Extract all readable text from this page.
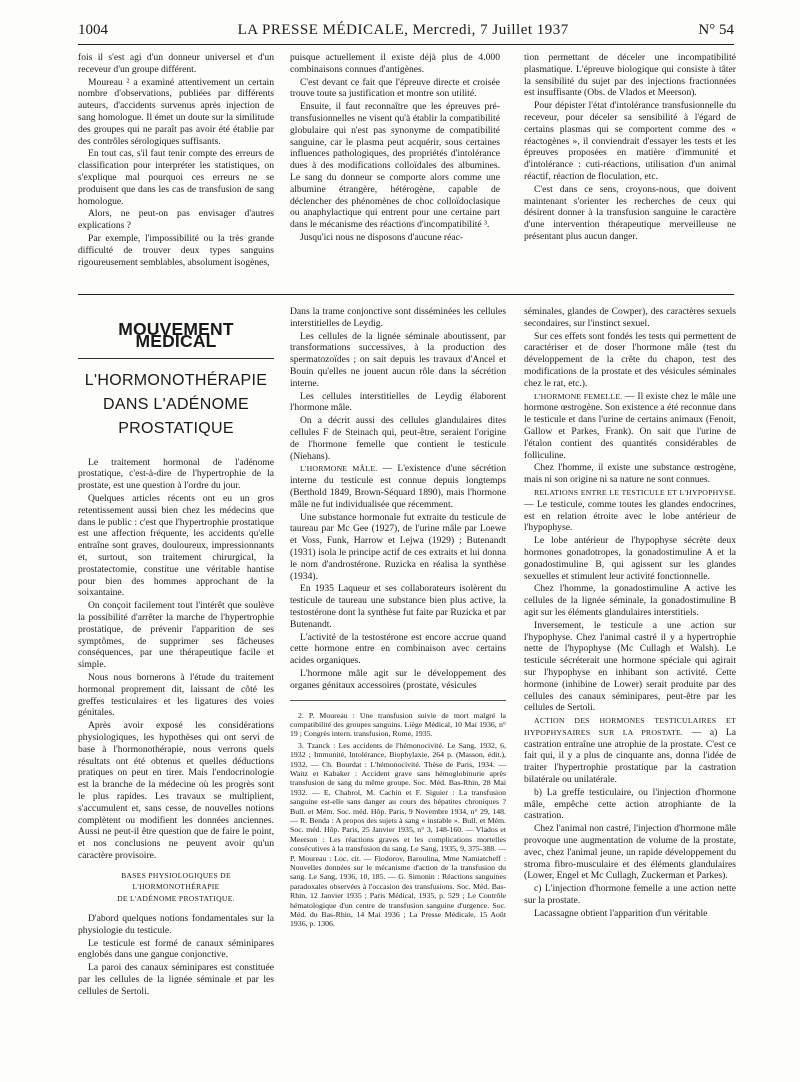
1004	LA PRESSE MÉDICALE, Mercredi, 7 Juillet 1937	N° 54

fois il s'est agi d'un donneur universel et d'un receveur d'un groupe différent.

Moureau ² a examiné attentivement un certain nombre d'observations, publiées par différents auteurs, d'accidents survenus après injection de sang homologue. Il émet un doute sur la similitude des groupes qui ne paraît pas avoir été établie par des contrôles sérologiques suffisants.

En tout cas, s'il faut tenir compte des erreurs de classification pour interpréter les statistiques, on s'explique mal pourquoi ces erreurs ne se produisent que dans les cas de transfusion de sang homologue.

Alors, ne peut-on pas envisager d'autres explications ?

Par exemple, l'impossibilité ou la très grande difficulté de trouver deux types sanguins rigoureusement semblables, absolument isogènes,

puisque actuellement il existe déjà plus de 4.000 combinaisons connues d'antigènes.

C'est devant ce fait que l'épreuve directe et croisée trouve toute sa justification et montre son utilité.

Ensuite, il faut reconnaître que les épreuves pré-transfusionnelles ne visent qu'à établir la compatibilité globulaire qui n'est pas synonyme de compatibilité sanguine, car le plasma peut acquérir, sous certaines influences pathologiques, des propriétés d'intolérance dues à des modifications colloïdales des albumines. Le sang du donneur se comporte alors comme une albumine étrangère, hétérogène, capable de déclencher des phénomènes de choc colloïdoclasique ou anaphylactique qui entrent pour une certaine part dans le mécanisme des réactions d'incompatibilité ³.

Jusqu'ici nous ne disposons d'aucune réac-

tion permettant de déceler une incompatibilité plasmatique. L'épreuve biologique qui consiste à tâter la sensibilité du sujet par des injections fractionnées est insuffisante (Obs. de Vlados et Meerson).

Pour dépister l'état d'intolérance transfusionnelle du receveur, pour déceler sa sensibilité à l'égard de certains plasmas qui se comportent comme des « réactogènes », il conviendrait d'essayer les tests et les épreuves proposées en matière d'immunité et d'intolérance : cuti-réactions, utilisation d'un animal réactif, réaction de floculation, etc.

C'est dans ce sens, croyons-nous, que doivent maintenant s'orienter les recherches de ceux qui désirent donner à la transfusion sanguine le caractère d'une intervention thérapeutique merveilleuse ne présentant plus aucun danger.

MOUVEMENT MÉDICAL
L'HORMONOTHÉRAPIE
DANS L'ADÉNOME
PROSTATIQUE

Le traitement hormonal de l'adénome prostatique, c'est-à-dire de l'hypertrophie de la prostate, est une question à l'ordre du jour.

Quelques articles récents ont eu un gros retentissement aussi bien chez les médecins que dans le public : c'est que l'hypertrophie prostatique est une affection fréquente, les accidents qu'elle entraîne sont graves, douloureux, impressionnants et, surtout, son traitement chirurgical, la prostatectomie, constitue une véritable hantise pour bien des hommes approchant de la soixantaine.

On conçoit facilement tout l'intérêt que soulève la possibilité d'arrêter la marche de l'hypertrophie prostatique, de prévenir l'apparition de ses symptômes, de supprimer ses fâcheuses conséquences, par une thérapeutique facile et simple.

Nous nous bornerons à l'étude du traitement hormonal proprement dit, laissant de côté les greffes testiculaires et les ligatures des voies génitales.

Après avoir exposé les considérations physiologiques, les hypothèses qui ont servi de base à l'hormonothérapie, nous verrons quels résultats ont été obtenus et quelles déductions pratiques on peut en tirer. Mais l'endocrinologie est la branche de la médecine où les progrès sont le plus rapides. Les travaux se multiplient, s'accumulent et, sans cesse, de nouvelles notions complètent ou modifient les données anciennes. Aussi ne peut-il être question que de faire le point, et nos conclusions ne peuvent avoir qu'un caractère provisoire.

BASES PHYSIOLOGIQUES DE L'HORMONOTHÉRAPIE
DE L'ADÉNOME PROSTATIQUE.

D'abord quelques notions fondamentales sur la physiologie du testicule.

Le testicule est formé de canaux séminipares englobés dans une gangue conjonctive.

La paroi des canaux séminipares est constituée par les cellules de la lignée séminale et par les cellules de Sertoli.

Dans la trame conjonctive sont disséminées les cellules interstitielles de Leydig.

Les cellules de la lignée séminale aboutissent, par transformations successives, à la production des spermatozoïdes ; on sait depuis les travaux d'Ancel et Bouin qu'elles ne jouent aucun rôle dans la sécrétion interne.

Les cellules interstitielles de Leydig élaborent l'hormone mâle.

On a décrit aussi des cellules glandulaires dites cellules F de Steinach qui, peut-être, seraient l'origine de l'hormone femelle que contient le testicule (Niehans).

L'HORMONE MÂLE. — L'existence d'une sécrétion interne du testicule est connue depuis longtemps (Berthold 1849, Brown-Séquard 1890), mais l'hormone mâle ne fut individualisée que récemment.

Une substance hormonale fut extraite du testicule de taureau par Mc Gee (1927), de l'urine mâle par Loewe et Voss, Funk, Harrow et Lejwa (1929) ; Butenandt (1931) isola le principe actif de ces extraits et lui donna le nom d'androstérone. Ruzicka en réalisa la synthèse (1934).

En 1935 Laqueur et ses collaborateurs isolèrent du testicule de taureau une substance bien plus active, la testostérone dont la synthèse fut faite par Ruzicka et par Butenandt.

L'activité de la testostérone est encore accrue quand cette hormone entre en combinaison avec certains acides organiques.

L'hormone mâle agit sur le développement des organes génitaux accessoires (prostate, vésicules

2. P. Moureau : Une transfusion suivie de mort malgré la compatibilité des groupes sanguins. Liège Médical, 10 Mai 1936, n° 19 ; Congrès intern. transfusion, Rome, 1935.

3. Tzanck : Les accidents de l'hémonocivité. Le Sang, 1932, 6, 1932 ; Immunité, Intolérance, Biophylaxie, 264 p. (Masson, édit.), 1932. — Ch. Bourdat : L'hémonocivité. Thèse de Paris, 1934. — Waitz et Kabaker : Accident grave sans hémoglobinurie après transfusion de sang du même groupe. Soc. Méd. Bas-Rhin, 28 Mai 1932. — E. Chabrol, M. Cachin et F. Siguier : La transfusion sanguine est-elle sans danger au cours des hépatites chroniques ? Bull. et Mém. Soc. méd. Hôp. Paris, 9 Novembre 1934, n° 29, 148. — R. Benda : A propos des sujets à sang « instable ». Bull. et Mém. Soc. méd. Hôp. Paris, 25 Janvier 1935, n° 3, 148-160. — Vlados et Meerson : Les réactions graves et les complications mortelles consécutives à la transfusion du sang. Le Sang, 1935, 9, 375-388. — P. Moureau : Loc. cit. — Fiodorov, Baroulina, Mme Namiatcheff : Nouvelles données sur le mécanisme d'action de la transfusion du sang. Le Sang, 1936, 10, 185. — G. Simonin : Réactions sanguines paradoxales observées à l'occasion des transfusions. Soc. Méd. Bas-Rhin, 12 Janvier 1935 ; Paris Médical, 1935, p. 529 ; Le Contrôle hématologique d'un centre de transfusion sanguine d'urgence. Soc. Méd. du Bas-Rhin, 14 Mai 1936 ; La Presse Médicale, 15 Août 1936, p. 1306.

séminales, glandes de Cowper), des caractères sexuels secondaires, sur l'instinct sexuel.

Sur ces effets sont fondés les tests qui permettent de caractériser et de doser l'hormone mâle (test du développement de la crête du chapon, test des modifications de la prostate et des vésicules séminales chez le rat, etc.).

L'HORMONE FEMELLE. — Il existe chez le mâle une hormone œstrogène. Son existence a été reconnue dans le testicule et dans l'urine de certains animaux (Fenoit, Gallow et Parkes, Frank). On sait que l'urine de l'étalon contient des quantités considérables de folliculine.

Chez l'homme, il existe une substance œstrogène, mais ni son origine ni sa nature ne sont connues.

RELATIONS ENTRE LE TESTICULE ET L'HYPOPHYSE. — Le testicule, comme toutes les glandes endocrines, est en relation étroite avec le lobe antérieur de l'hypophyse.

Le lobe antérieur de l'hypophyse sécrète deux hormones gonadotropes, la gonadostimuline A et la gonadostimuline B, qui agissent sur les glandes sexuelles et stimulent leur activité fonctionnelle.

Chez l'homme, la gonadostimuline A active les cellules de la lignée séminale, la gonadostimuline B agit sur les éléments glandulaires interstitiels.

Inversement, le testicule a une action sur l'hypophyse. Chez l'animal castré il y a hypertrophie nette de l'hypophyse (Mc Cullagh et Walsh). Le testicule sécréterait une hormone spéciale qui agirait sur l'hypophyse en inhibant son activité. Cette hormone (inhibine de Lower) serait produite par des cellules des canaux séminipares, peut-être par les cellules de Sertoli.

ACTION DES HORMONES TESTICULAIRES ET HYPOPHYSAIRES SUR LA PROSTATE. — a) La castration entraîne une atrophie de la prostate. C'est ce fait qui, il y a plus de cinquante ans, donna l'idée de traiter l'hypertrophie prostatique par la castration bilatérale ou unilatérale.

b) La greffe testiculaire, ou l'injection d'hormone mâle, empêche cette action atrophiante de la castration.

Chez l'animal non castré, l'injection d'hormone mâle provoque une augmentation de volume de la prostate, avec, chez l'animal jeune, un rapide développement du stroma fibro-musculaire et des éléments glandulaires (Lower, Engel et Mc Cullagh, Zuckerman et Parkes).

c) L'injection d'hormone femelle a une action nette sur la prostate.

Lacassagne obtient l'apparition d'un véritable
